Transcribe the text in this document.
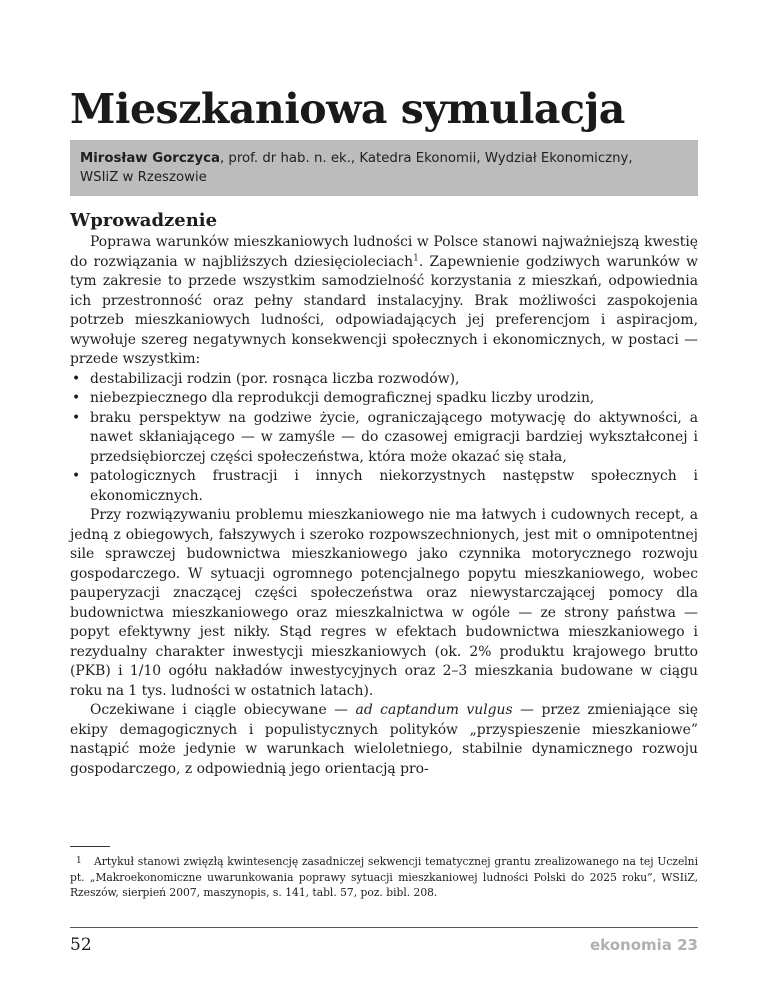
Mieszkaniowa symulacja
Mirosław Gorczyca, prof. dr hab. n. ek., Katedra Ekonomii, Wydział Ekonomiczny,
WSIiZ w Rzeszowie
Wprowadzenie

Poprawa warunków mieszkaniowych ludności w Polsce stanowi najważniejszą kwestię do rozwiązania w najbliższych dziesięcioleciach$^1$. Zapewnienie godziwych warunków w tym zakresie to przede wszystkim samodzielność korzystania z mieszkań, odpowiednia ich przestronność oraz pełny standard instalacyjny. Brak możliwości zaspokojenia potrzeb mieszkaniowych ludności, odpowiadających jej preferencjom i aspiracjom, wywołuje szereg negatywnych konsekwencji społecznych i ekonomicznych, w postaci — przede wszystkim:

• destabilizacji rodzin (por. rosnąca liczba rozwodów),
• niebezpiecznego dla reprodukcji demograficznej spadku liczby urodzin,
• braku perspektyw na godziwe życie, ograniczającego motywację do aktywności, a nawet skłaniającego — w zamyśle — do czasowej emigracji bardziej wykształconej i przedsiębiorczej części społeczeństwa, która może okazać się stała,
• patologicznych frustracji i innych niekorzystnych następstw społecznych i ekonomicznych.

Przy rozwiązywaniu problemu mieszkaniowego nie ma łatwych i cudownych recept, a jedną z obiegowych, fałszywych i szeroko rozpowszechnionych, jest mit o omnipotentnej sile sprawczej budownictwa mieszkaniowego jako czynnika motorycznego rozwoju gospodarczego. W sytuacji ogromnego potencjalnego popytu mieszkaniowego, wobec pauperyzacji znaczącej części społeczeństwa oraz niewystarczającej pomocy dla budownictwa mieszkaniowego oraz mieszkalnictwa w ogóle — ze strony państwa — popyt efektywny jest nikły. Stąd regres w efektach budownictwa mieszkaniowego i rezydualny charakter inwestycji mieszkaniowych (ok. 2% produktu krajowego brutto (PKB) i 1/10 ogółu nakładów inwestycyjnych oraz 2–3 mieszkania budowane w ciągu roku na 1 tys. ludności w ostatnich latach).

Oczekiwane i ciągle obiecywane — ad captandum vulgus — przez zmieniające się ekipy demagogicznych i populistycznych polityków „przyspieszenie mieszkaniowe” nastąpić może jedynie w warunkach wieloletniego, stabilnie dynamicznego rozwoju gospodarczego, z odpowiednią jego orientacją pro-

1 Artykuł stanowi zwięzłą kwintesencję zasadniczej sekwencji tematycznej grantu zrealizowanego na tej Uczelni pt. „Makroekonomiczne uwarunkowania poprawy sytuacji mieszkaniowej ludności Polski do 2025 roku”, WSIiZ, Rzeszów, sierpień 2007, maszynopis, s. 141, tabl. 57, poz. bibl. 208.
52	ekonomia 23
